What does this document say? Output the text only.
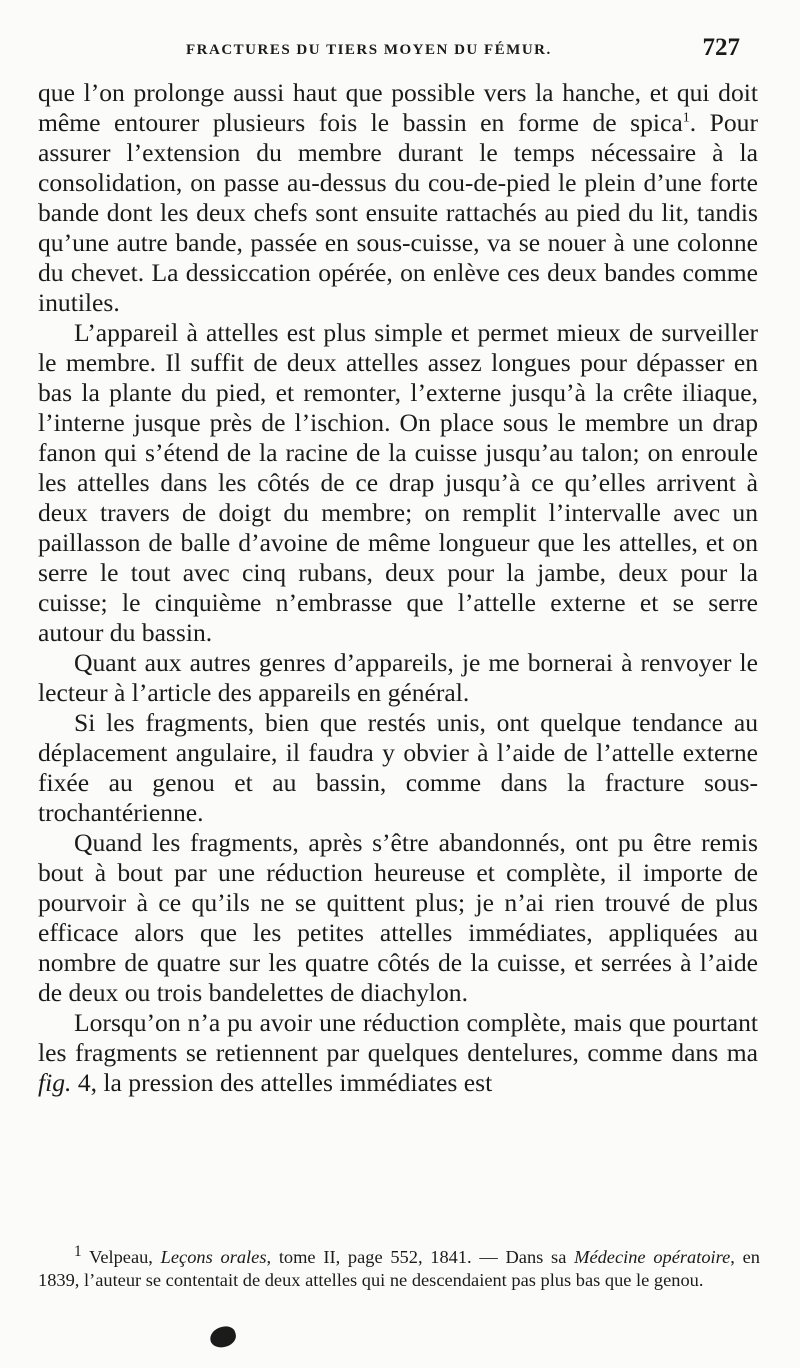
FRACTURES DU TIERS MOYEN DU FÉMUR.	727

que l’on prolonge aussi haut que possible vers la hanche, et qui doit même entourer plusieurs fois le bassin en forme de spica$^1$. Pour assurer l’extension du membre durant le temps nécessaire à la consolidation, on passe au-dessus du cou-de-pied le plein d’une forte bande dont les deux chefs sont ensuite rattachés au pied du lit, tandis qu’une autre bande, passée en sous-cuisse, va se nouer à une colonne du chevet. La dessiccation opérée, on enlève ces deux bandes comme inutiles.

L’appareil à attelles est plus simple et permet mieux de surveiller le membre. Il suffit de deux attelles assez longues pour dépasser en bas la plante du pied, et remonter, l’externe jusqu’à la crête iliaque, l’interne jusque près de l’ischion. On place sous le membre un drap fanon qui s’étend de la racine de la cuisse jusqu’au talon; on enroule les attelles dans les côtés de ce drap jusqu’à ce qu’elles arrivent à deux travers de doigt du membre; on remplit l’intervalle avec un paillasson de balle d’avoine de même longueur que les attelles, et on serre le tout avec cinq rubans, deux pour la jambe, deux pour la cuisse; le cinquième n’embrasse que l’attelle externe et se serre autour du bassin.

Quant aux autres genres d’appareils, je me bornerai à renvoyer le lecteur à l’article des appareils en général.

Si les fragments, bien que restés unis, ont quelque tendance au déplacement angulaire, il faudra y obvier à l’aide de l’attelle externe fixée au genou et au bassin, comme dans la fracture sous-trochantérienne.

Quand les fragments, après s’être abandonnés, ont pu être remis bout à bout par une réduction heureuse et complète, il importe de pourvoir à ce qu’ils ne se quittent plus; je n’ai rien trouvé de plus efficace alors que les petites attelles immédiates, appliquées au nombre de quatre sur les quatre côtés de la cuisse, et serrées à l’aide de deux ou trois bandelettes de diachylon.

Lorsqu’on n’a pu avoir une réduction complète, mais que pourtant les fragments se retiennent par quelques dentelures, comme dans ma fig. 4, la pression des attelles immédiates est

$^1$ Velpeau, Leçons orales, tome II, page 552, 1841. — Dans sa Médecine opératoire, en 1839, l’auteur se contentait de deux attelles qui ne descendaient pas plus bas que le genou.
